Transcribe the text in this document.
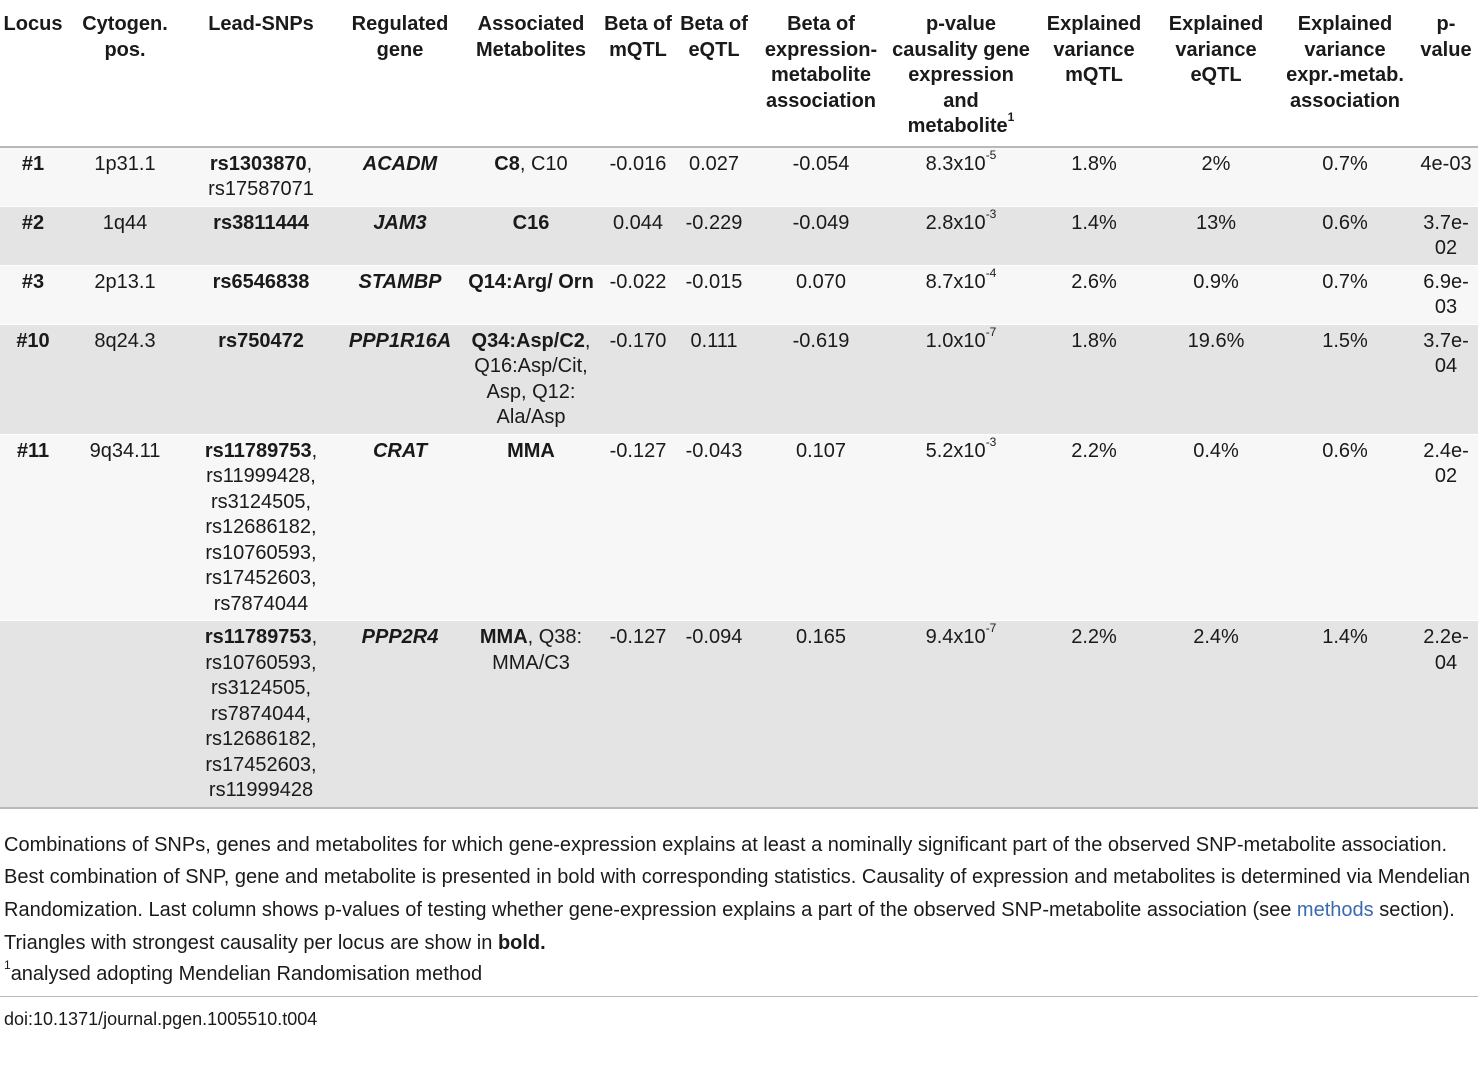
Locus	Cytogen. pos.	Lead-SNPs	Regulated gene	Associated Metabolites	Beta of mQTL	Beta of eQTL	Beta of expression-metabolite association	p-value causality gene expression and metabolite$^1$	Explained variance mQTL	Explained variance eQTL	Explained variance expr.-metab. association	p-value
#1	1p31.1	rs1303870, rs17587071	ACADM	C8, C10	-0.016	0.027	-0.054	$8.3x10^{-5}$	1.8%	2%	0.7%	4e-03
#2	1q44	rs3811444	JAM3	C16	0.044	-0.229	-0.049	$2.8x10^{-3}$	1.4%	13%	0.6%	3.7e-02
#3	2p13.1	rs6546838	STAMBP	Q14:Arg/ Orn	-0.022	-0.015	0.070	$8.7x10^{-4}$	2.6%	0.9%	0.7%	6.9e-03
#10	8q24.3	rs750472	PPP1R16A	Q34:Asp/C2, Q16:Asp/Cit, Asp, Q12: Ala/Asp	-0.170	0.111	-0.619	$1.0x10^{-7}$	1.8%	19.6%	1.5%	3.7e-04
#11	9q34.11	rs11789753, rs11999428, rs3124505, rs12686182, rs10760593, rs17452603, rs7874044	CRAT	MMA	-0.127	-0.043	0.107	$5.2x10^{-3}$	2.2%	0.4%	0.6%	2.4e-02
		rs11789753, rs10760593, rs3124505, rs7874044, rs12686182, rs17452603, rs11999428	PPP2R4	MMA, Q38: MMA/C3	-0.127	-0.094	0.165	$9.4x10^{-7}$	2.2%	2.4%	1.4%	2.2e-04
Combinations of SNPs, genes and metabolites for which gene-expression explains at least a nominally significant part of the observed SNP-metabolite association. Best combination of SNP, gene and metabolite is presented in bold with corresponding statistics. Causality of expression and metabolites is determined via Mendelian Randomization. Last column shows p-values of testing whether gene-expression explains a part of the observed SNP-metabolite association (see methods section). Triangles with strongest causality per locus are show in bold.
$^1$analysed adopting Mendelian Randomisation method
doi:10.1371/journal.pgen.1005510.t004
